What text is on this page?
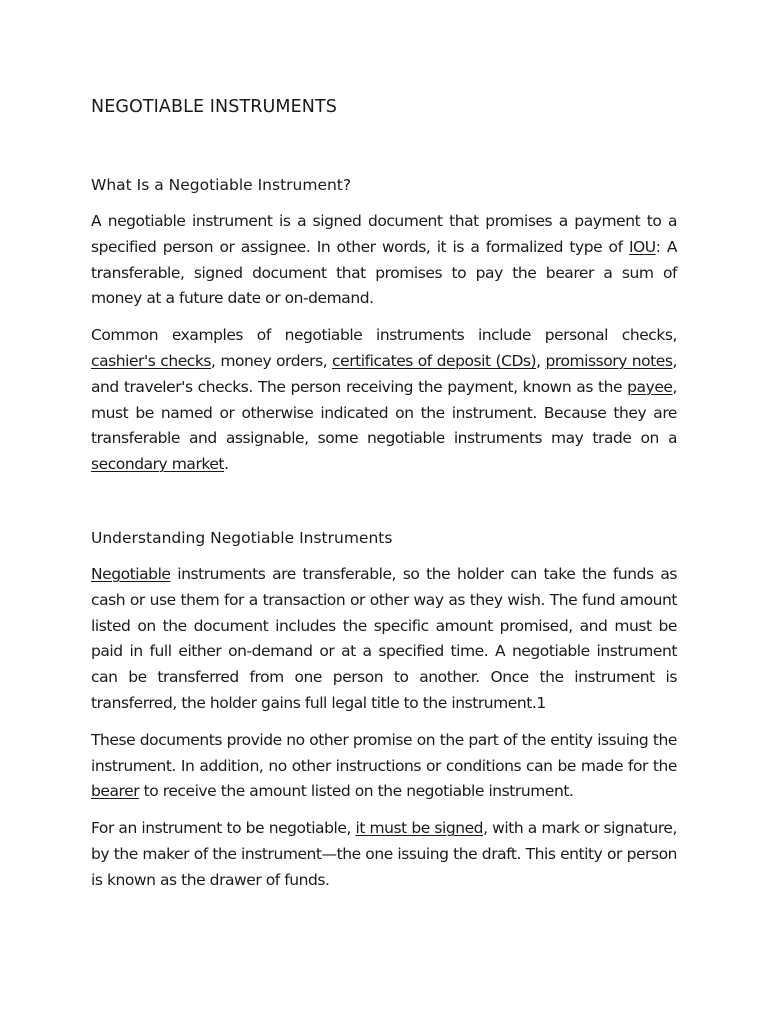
NEGOTIABLE INSTRUMENTS
What Is a Negotiable Instrument?

A negotiable instrument is a signed document that promises a payment to a specified person or assignee. In other words, it is a formalized type of IOU: A transferable, signed document that promises to pay the bearer a sum of money at a future date or on-demand.

Common examples of negotiable instruments include personal checks, cashier's checks, money orders, certificates of deposit (CDs), promissory notes, and traveler's checks. The person receiving the payment, known as the payee, must be named or otherwise indicated on the instrument. Because they are transferable and assignable, some negotiable instruments may trade on a secondary market.

Understanding Negotiable Instruments

Negotiable instruments are transferable, so the holder can take the funds as cash or use them for a transaction or other way as they wish. The fund amount listed on the document includes the specific amount promised, and must be paid in full either on-demand or at a specified time. A negotiable instrument can be transferred from one person to another. Once the instrument is transferred, the holder gains full legal title to the instrument.1

These documents provide no other promise on the part of the entity issuing the instrument. In addition, no other instructions or conditions can be made for the bearer to receive the amount listed on the negotiable instrument.

For an instrument to be negotiable, it must be signed, with a mark or signature, by the maker of the instrument—the one issuing the draft. This entity or person is known as the drawer of funds.
